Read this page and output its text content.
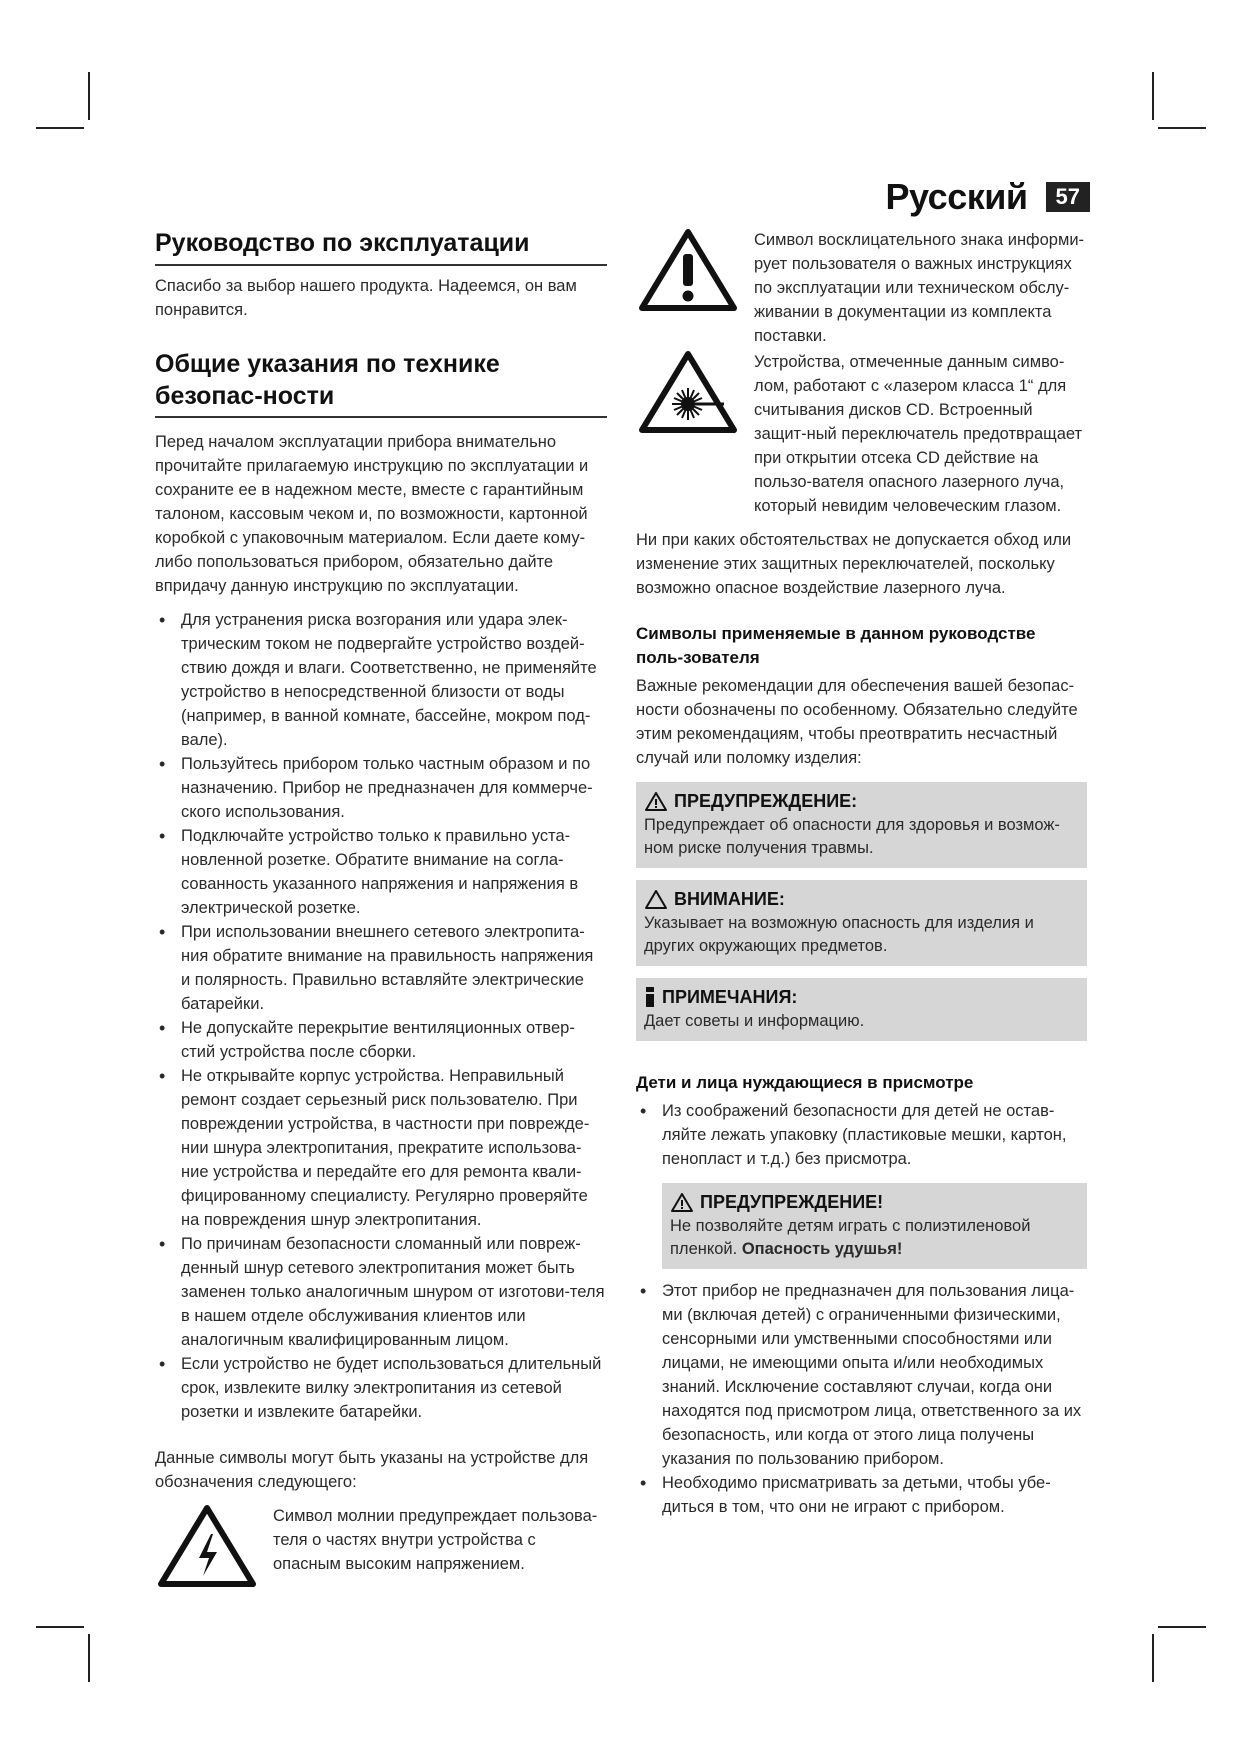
Русский	57
Руководство по эксплуатации

Спасибо за выбор нашего продукта. Надеемся, он вам понравится.

Общие указания по технике безопас-ности

Перед началом эксплуатации прибора внимательно прочитайте прилагаемую инструкцию по эксплуатации и сохраните ее в надежном месте, вместе с гарантийным талоном, кассовым чеком и, по возможности, картонной коробкой с упаковочным материалом. Если даете кому-либо попользоваться прибором, обязательно дайте впридачу данную инструкцию по эксплуатации.

• Для устранения риска возгорания или удара элек-трическим током не подвергайте устройство воздей-ствию дождя и влаги. Соответственно, не применяйте устройство в непосредственной близости от воды (например, в ванной комнате, бассейне, мокром под-вале).
• Пользуйтесь прибором только частным образом и по назначению. Прибор не предназначен для коммерче-ского использования.
• Подключайте устройство только к правильно уста-новленной розетке. Обратите внимание на согла-сованность указанного напряжения и напряжения в электрической розетке.
• При использовании внешнего сетевого электропита-ния обратите внимание на правильность напряжения и полярность. Правильно вставляйте электрические батарейки.
• Не допускайте перекрытие вентиляционных отвер-стий устройства после сборки.
• Не открывайте корпус устройства. Неправильный ремонт создает серьезный риск пользователю. При повреждении устройства, в частности при поврежде-нии шнура электропитания, прекратите использова-ние устройства и передайте его для ремонта квали-фицированному специалисту. Регулярно проверяйте на повреждения шнур электропитания.
• По причинам безопасности сломанный или повреж-денный шнур сетевого электропитания может быть заменен только аналогичным шнуром от изготови-теля в нашем отделе обслуживания клиентов или аналогичным квалифицированным лицом.
• Если устройство не будет использоваться длительный срок, извлеките вилку электропитания из сетевой розетки и извлеките батарейки.

Данные символы могут быть указаны на устройстве для обозначения следующего:

Символ молнии предупреждает пользова-теля о частях внутри устройства с опасным высоким напряжением.

Символ восклицательного знака информи-рует пользователя о важных инструкциях по эксплуатации или техническом обслу-живании в документации из комплекта поставки.

Устройства, отмеченные данным симво-лом, работают с «лазером класса 1“ для считывания дисков CD. Встроенный защит-ный переключатель предотвращает при открытии отсека CD действие на пользо-вателя опасного лазерного луча, который невидим человеческим глазом.

Ни при каких обстоятельствах не допускается обход или изменение этих защитных переключателей, поскольку возможно опасное воздействие лазерного луча.

Символы применяемые в данном руководстве поль-зователя

Важные рекомендации для обеспечения вашей безопас-ности обозначены по особенному. Обязательно следуйте этим рекомендациям, чтобы преотвратить несчастный случай или поломку изделия:

ПРЕДУПРЕЖДЕНИЕ:

Предупреждает об опасности для здоровья и возмож-ном риске получения травмы.

ВНИМАНИЕ:

Указывает на возможную опасность для изделия и других окружающих предметов.

ПРИМЕЧАНИЯ:

Дает советы и информацию.

Дети и лица нуждающиеся в присмотре
• Из соображений безопасности для детей не остав-ляйте лежать упаковку (пластиковые мешки, картон, пенопласт и т.д.) без присмотра.
ПРЕДУПРЕЖДЕНИЕ!

Не позволяйте детям играть с полиэтиленовой пленкой. Опасность удушья!

• Этот прибор не предназначен для пользования лица-ми (включая детей) с ограниченными физическими, сенсорными или умственными способностями или лицами, не имеющими опыта и/или необходимых знаний. Исключение составляют случаи, когда они находятся под присмотром лица, ответственного за их безопасность, или когда от этого лица получены указания по пользованию прибором.
• Необходимо присматривать за детьми, чтобы убе-диться в том, что они не играют с прибором.
